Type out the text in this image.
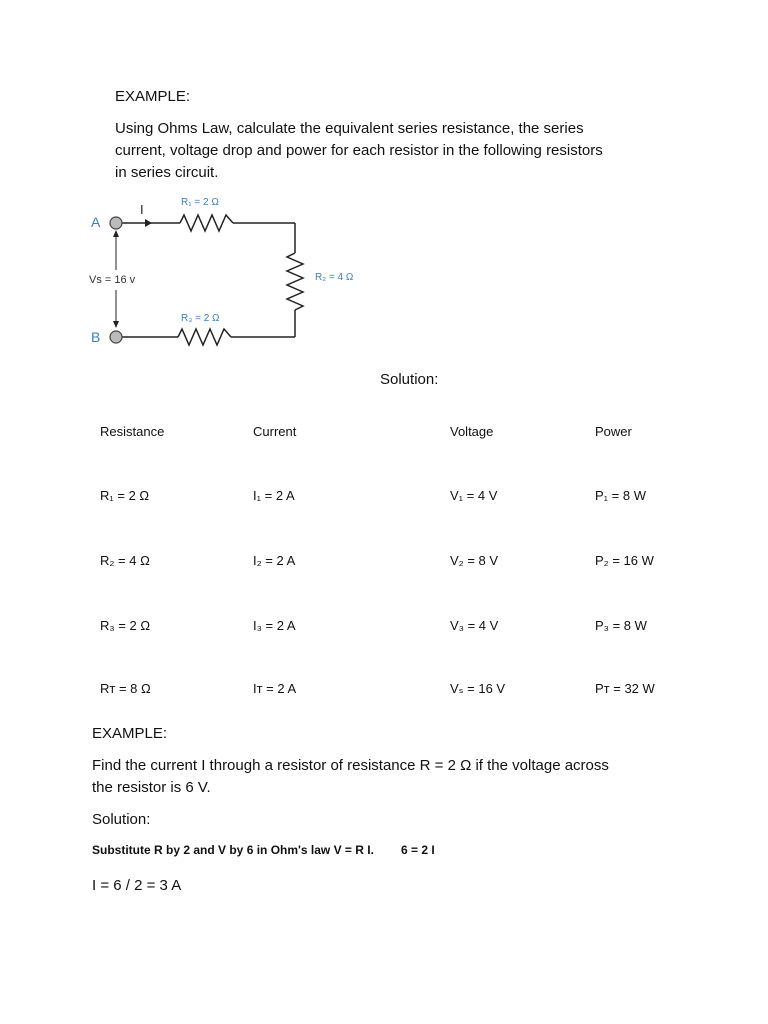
EXAMPLE:
Using Ohms Law, calculate the equivalent series resistance, the series
current, voltage drop and power for each resistor in the following resistors
in series circuit.
A
B
I
Vs = 16 v
R₁ = 2 Ω
R₂ = 4 Ω
R₃ = 2 Ω
Solution:
Resistance	Current	Voltage	Power
R₁ = 2 Ω	I₁ = 2 A	V₁ = 4 V	P₁ = 8 W
R₂ = 4 Ω	I₂ = 2 A	V₂ = 8 V	P₂ = 16 W
R₃ = 2 Ω	I₃ = 2 A	V₃ = 4 V	P₃ = 8 W
Rᴛ = 8 Ω	Iᴛ = 2 A	Vₛ = 16 V	Pᴛ = 32 W
EXAMPLE:
Find the current I through a resistor of resistance R = 2 Ω if the voltage across
the resistor is 6 V.
Solution:
Substitute R by 2 and V by 6 in Ohm's law V = R I. 6 = 2 I
I = 6 / 2 = 3 A
